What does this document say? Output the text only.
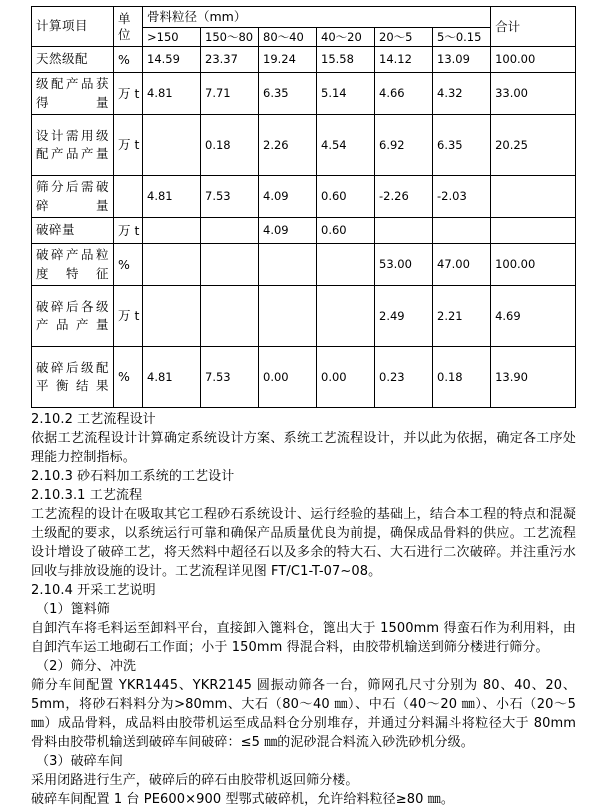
计算项目	单位	骨料粒径（mm）						合计
		>150	150〜80	80〜40	40〜20	20〜5	5〜0.15	
天然级配	%	14.59	23.37	19.24	15.58	14.12	13.09	100.00
级配产品获得量	万 t	4.81	7.71	6.35	5.14	4.66	4.32	33.00
设计需用级配产品产量	万 t		0.18	2.26	4.54	6.92	6.35	20.25
筛分后需破碎量		4.81	7.53	4.09	0.60	-2.26	-2.03	
破碎量	万 t			4.09	0.60			
破碎产品粒度特征	%					53.00	47.00	100.00
破碎后各级产品产量	万 t					2.49	2.21	4.69
破碎后级配平衡结果	%	4.81	7.53	0.00	0.00	0.23	0.18	13.90

2.10.2 工艺流程设计

依据工艺流程设计计算确定系统设计方案、系统工艺流程设计，并以此为依据，确定各工序处理能力控制指标。

2.10.3 砂石料加工系统的工艺设计

2.10.3.1 工艺流程

工艺流程的设计在吸取其它工程砂石系统设计、运行经验的基础上，结合本工程的特点和混凝土级配的要求，以系统运行可靠和确保产品质量优良为前提，确保成品骨料的供应。工艺流程设计增设了破碎工艺，将天然料中超径石以及多余的特大石、大石进行二次破碎。并注重污水回收与排放设施的设计。工艺流程详见图 FT/C1-T-07~08。

2.10.4 开采工艺说明

（1）篦料筛

自卸汽车将毛料运至卸料平台，直接卸入篦料仓，篦出大于 1500mm 得蛮石作为利用料，由自卸汽车运工地砌石工作面；小于 150mm 得混合料，由胶带机输送到筛分楼进行筛分。

（2）筛分、冲洗

筛分车间配置 YKR1445、YKR2145 圆振动筛各一台，筛网孔尺寸分别为 80、40、20、5mm，将砂石料料分为>80mm、大石（80〜40 ㎜）、中石（40〜20 ㎜）、小石（20〜5 ㎜）成品骨料，成品料由胶带机运至成品料仓分别堆存，并通过分料漏斗将粒径大于 80mm 骨料由胶带机输送到破碎车间破碎：≤5 ㎜的泥砂混合料流入砂洗砂机分级。

（3）破碎车间

采用闭路进行生产，破碎后的碎石由胶带机返回筛分楼。

破碎车间配置 1 台 PE600×900 型鄂式破碎机，允许给料粒径≥80 ㎜。
